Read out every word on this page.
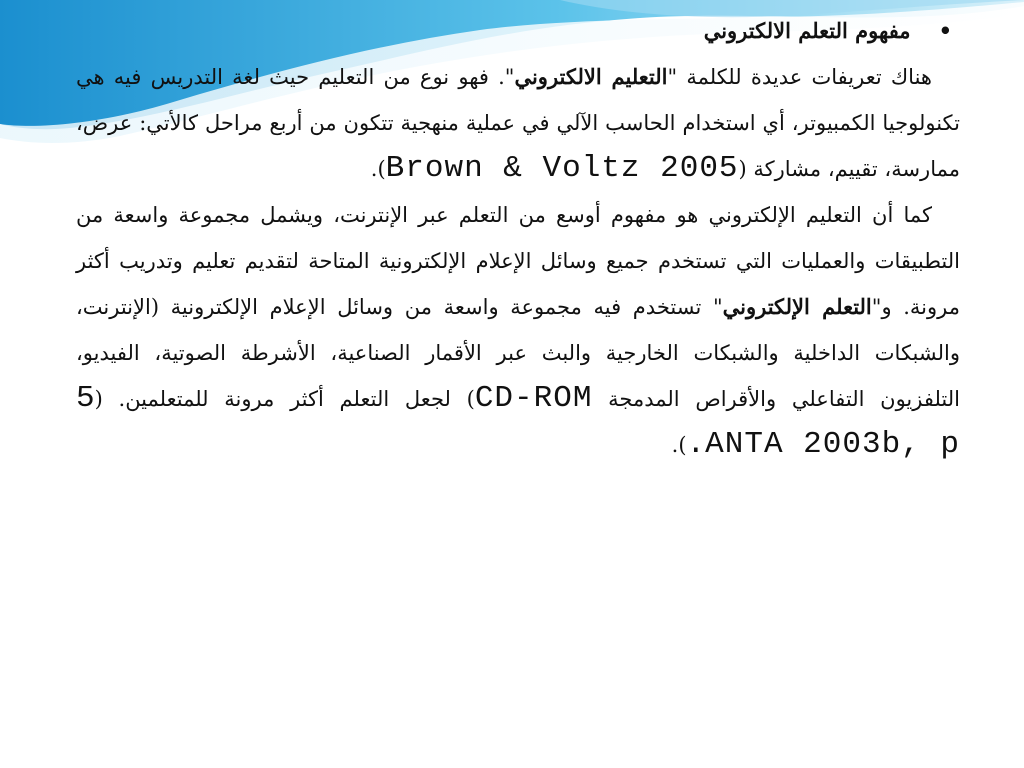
•مفهوم التعلم الالكتروني

هناك تعريفات عديدة للكلمة "التعليم الالكتروني". فهو نوع من التعليم حيث لغة التدريس فيه هي تكنولوجيا الكمبيوتر، أي استخدام الحاسب الآلي في عملية منهجية تتكون من أربع مراحل كالأتي: عرض، ممارسة، تقييم، مشاركة (Brown & Voltz 2005).

كما أن التعليم الإلكتروني هو مفهوم أوسع من التعلم عبر الإنترنت، ويشمل مجموعة واسعة من التطبيقات والعمليات التي تستخدم جميع وسائل الإعلام الإلكترونية المتاحة لتقديم تعليم وتدريب أكثر مرونة. و"التعلم الإلكتروني" تستخدم فيه مجموعة واسعة من وسائل الإعلام الإلكترونية (الإنترنت، والشبكات الداخلية والشبكات الخارجية والبث عبر الأقمار الصناعية، الأشرطة الصوتية، الفيديو، التلفزيون التفاعلي والأقراص المدمجة CD-ROM) لجعل التعلم أكثر مرونة للمتعلمين. (5 .ANTA 2003b, p).
